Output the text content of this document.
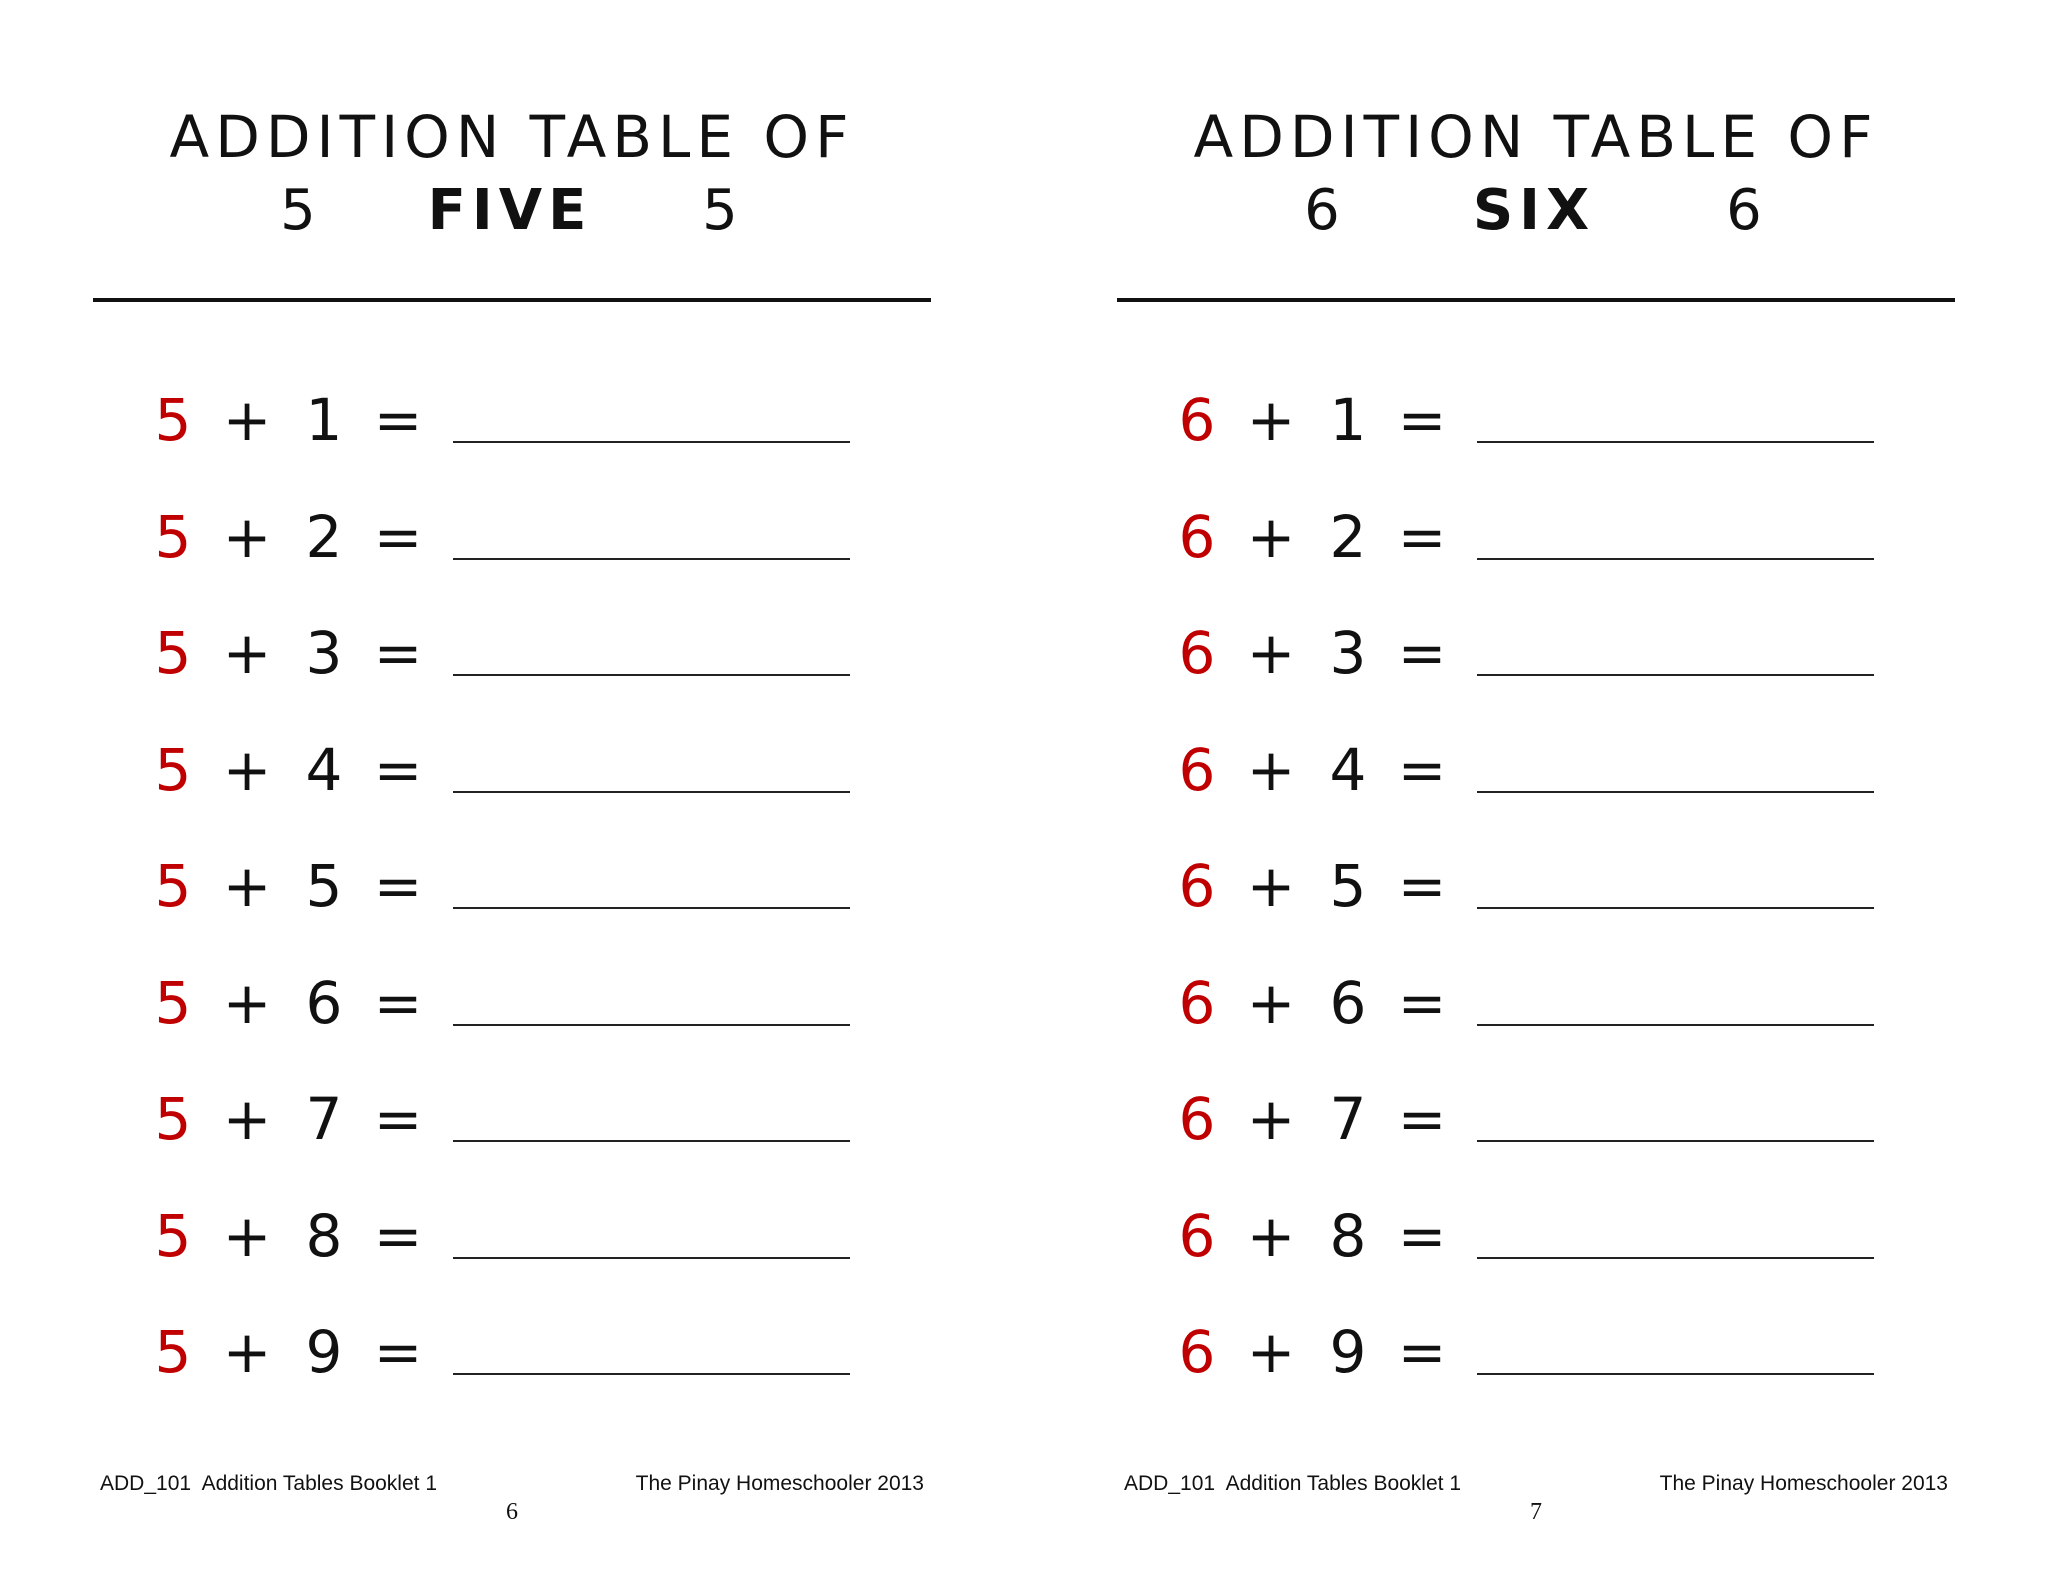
ADDITION TABLE OF
5	FIVE	5
5 + 1 =
5 + 2 =
5 + 3 =
5 + 4 =
5 + 5 =
5 + 6 =
5 + 7 =
5 + 8 =
5 + 9 =
ADD_101  Addition Tables Booklet 1	The Pinay Homeschooler 2013
6
ADDITION TABLE OF
6	SIX	6
6 + 1 =
6 + 2 =
6 + 3 =
6 + 4 =
6 + 5 =
6 + 6 =
6 + 7 =
6 + 8 =
6 + 9 =
ADD_101  Addition Tables Booklet 1	The Pinay Homeschooler 2013
7
